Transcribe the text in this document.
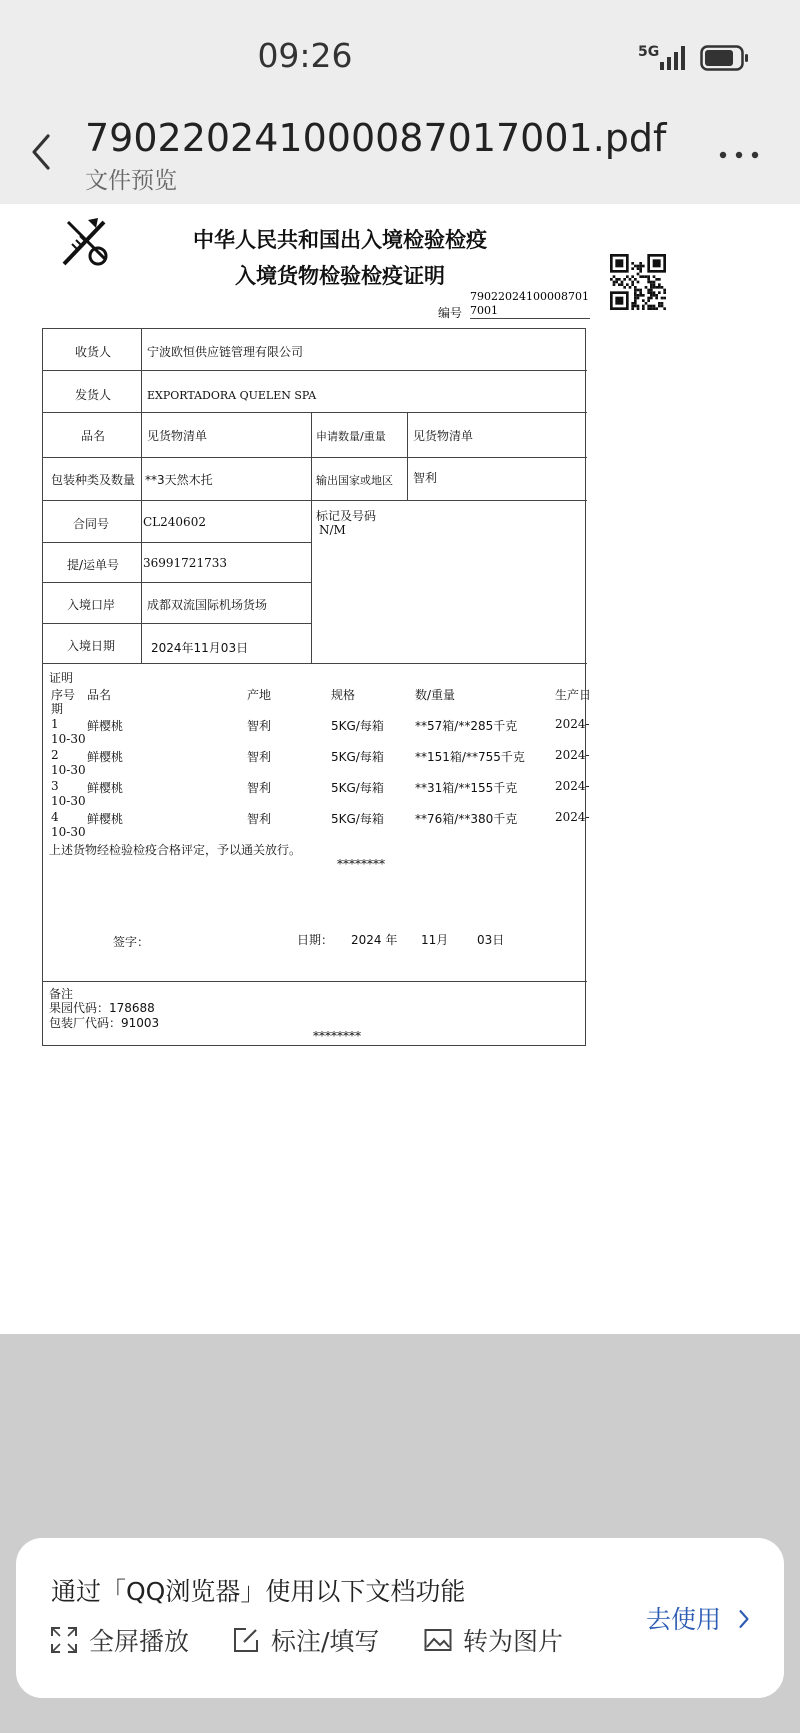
09:26	5G
790220241000087017001.pdf
文件预览
中华人民共和国出入境检验检疫
入境货物检验检疫证明
编号
790220241000087017001
收货人	宁波欧恒供应链管理有限公司
发货人	EXPORTADORA QUELEN SPA
品名	见货物清单	申请数量/重量 见货物清单
包装种类及数量 **3天然木托	输出国家或地区 智利
合同号	CL240602	标记及号码
N/M
提/运单号 36991721733
入境口岸	成都双流国际机场货场
入境日期	2024年11月03日
证明
序号 品名	产地	规格	数/重量	生产日
期
1 鲜樱桃	智利	5KG/每箱	**57箱/**285千克	2024-
10-30
2 鲜樱桃	智利	5KG/每箱	**151箱/**755千克	2024-
10-30
3 鲜樱桃	智利	5KG/每箱	**31箱/**155千克	2024-
10-30
4 鲜樱桃	智利	5KG/每箱	**76箱/**380千克	2024-
10-30
上述货物经检验检疫合格评定，予以通关放行。
********
签字：	日期： 2024 年 11月 03日
备注
果园代码：178688
包装厂代码：91003
********
通过「QQ浏览器」使用以下文档功能
全屏播放	标注/填写	转为图片
去使用
